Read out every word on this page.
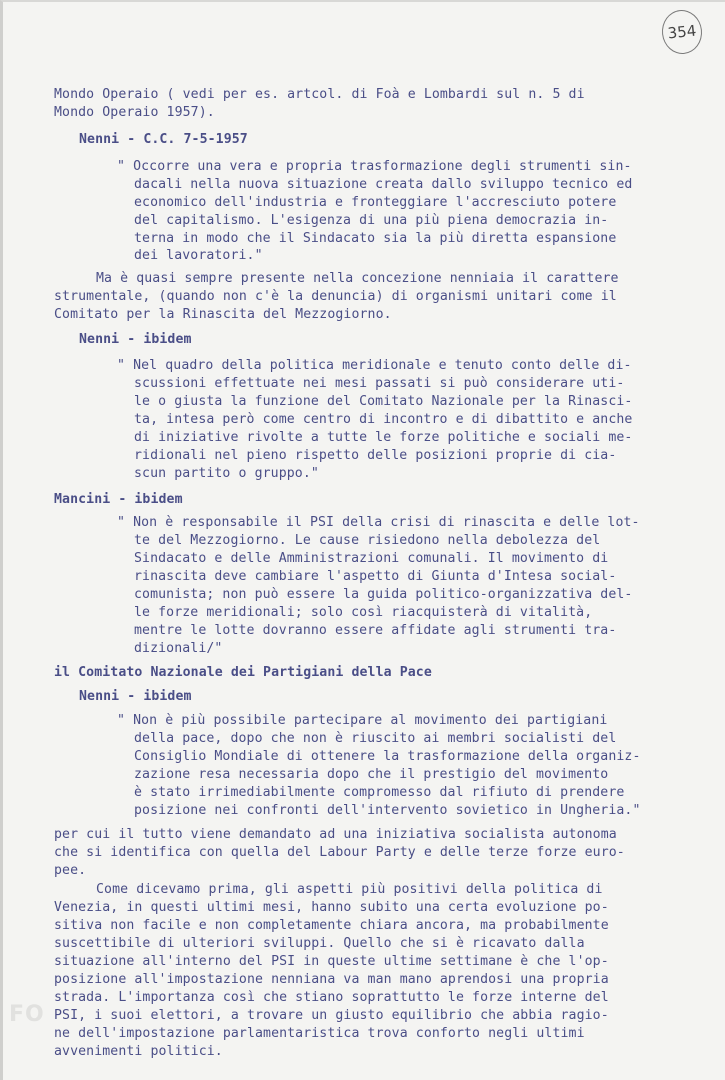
354
Mondo Operaio ( vedi per es. artcol. di Foà e Lombardi sul n. 5 di
Mondo Operaio 1957).
Nenni - C.C. 7-5-1957
" Occorre una vera e propria trasformazione degli strumenti sin-
dacali nella nuova situazione creata dallo sviluppo tecnico ed
economico dell'industria e fronteggiare l'accresciuto potere
del capitalismo. L'esigenza di una più piena democrazia in-
terna in modo che il Sindacato sia la più diretta espansione
dei lavoratori."
Ma è quasi sempre presente nella concezione nenniaia il carattere
strumentale, (quando non c'è la denuncia) di organismi unitari come il
Comitato per la Rinascita del Mezzogiorno.
Nenni - ibidem
" Nel quadro della politica meridionale e tenuto conto delle di-
scussioni effettuate nei mesi passati si può considerare uti-
le o giusta la funzione del Comitato Nazionale per la Rinasci-
ta, intesa però come centro di incontro e di dibattito e anche
di iniziative rivolte a tutte le forze politiche e sociali me-
ridionali nel pieno rispetto delle posizioni proprie di cia-
scun partito o gruppo."
Mancini - ibidem
" Non è responsabile il PSI della crisi di rinascita e delle lot-
te del Mezzogiorno. Le cause risiedono nella debolezza del
Sindacato e delle Amministrazioni comunali. Il movimento di
rinascita deve cambiare l'aspetto di Giunta d'Intesa social-
comunista; non può essere la guida politico-organizzativa del-
le forze meridionali; solo così riacquisterà di vitalità,
mentre le lotte dovranno essere affidate agli strumenti tra-
dizionali/"
il Comitato Nazionale dei Partigiani della Pace
Nenni - ibidem
" Non è più possibile partecipare al movimento dei partigiani
della pace, dopo che non è riuscito ai membri socialisti del
Consiglio Mondiale di ottenere la trasformazione della organiz-
zazione resa necessaria dopo che il prestigio del movimento
è stato irrimediabilmente compromesso dal rifiuto di prendere
posizione nei confronti dell'intervento sovietico in Ungheria."
per cui il tutto viene demandato ad una iniziativa socialista autonoma
che si identifica con quella del Labour Party e delle terze forze euro-
pee.
Come dicevamo prima, gli aspetti più positivi della politica di
Venezia, in questi ultimi mesi, hanno subito una certa evoluzione po-
sitiva non facile e non completamente chiara ancora, ma probabilmente
suscettibile di ulteriori sviluppi. Quello che si è ricavato dalla
situazione all'interno del PSI in queste ultime settimane è che l'op-
posizione all'impostazione nenniana va man mano aprendosi una propria
strada. L'importanza così che stiano soprattutto le forze interne del
PSI, i suoi elettori, a trovare un giusto equilibrio che abbia ragio-
ne dell'impostazione parlamentaristica trova conforto negli ultimi
avvenimenti politici.
FO
